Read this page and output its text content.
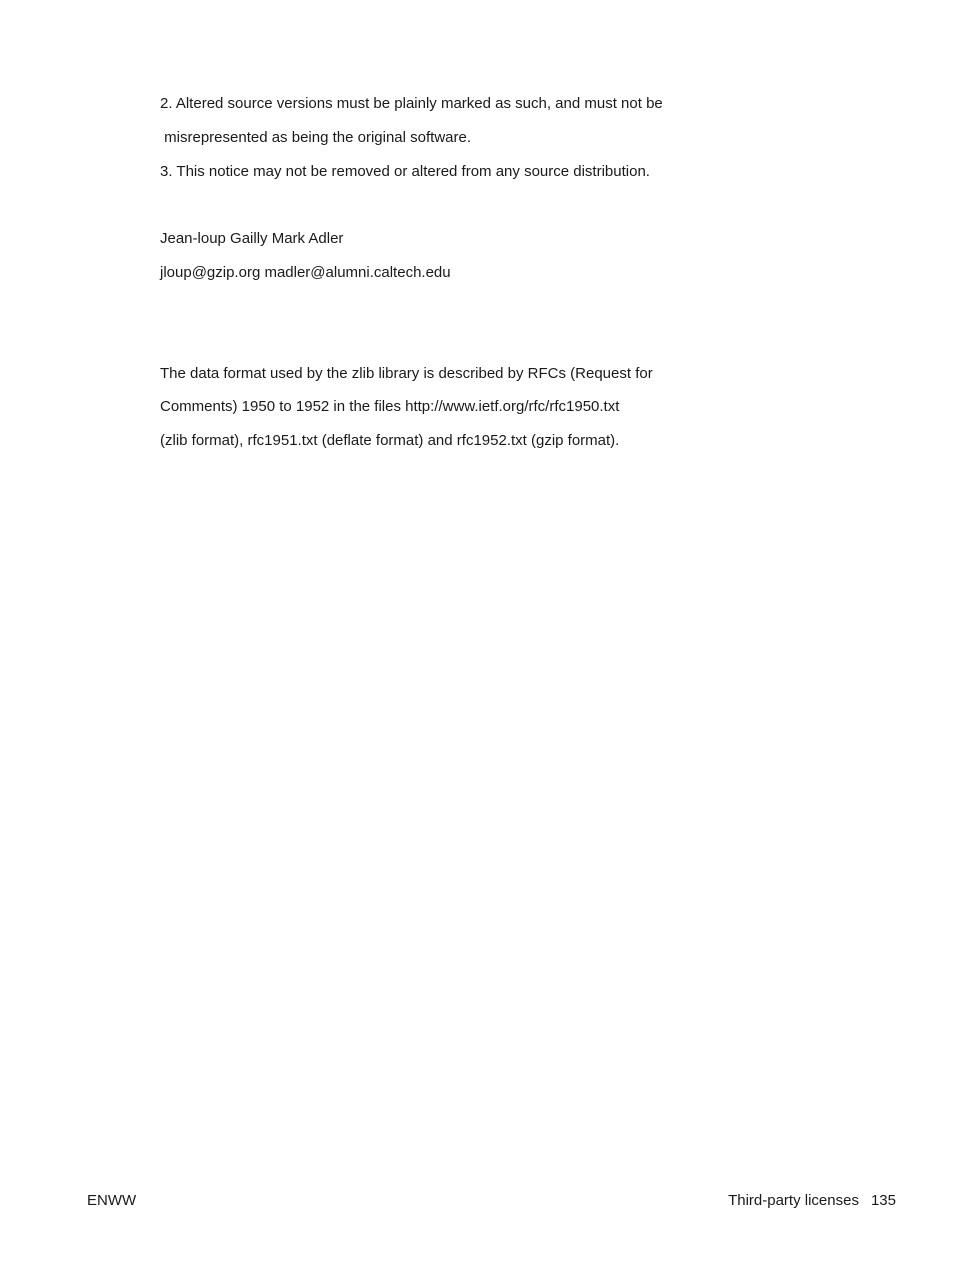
2. Altered source versions must be plainly marked as such, and must not be
misrepresented as being the original software.
3. This notice may not be removed or altered from any source distribution.
Jean-loup Gailly Mark Adler
jloup@gzip.org madler@alumni.caltech.edu
The data format used by the zlib library is described by RFCs (Request for
Comments) 1950 to 1952 in the files http://www.ietf.org/rfc/rfc1950.txt
(zlib format), rfc1951.txt (deflate format) and rfc1952.txt (gzip format).
ENWW	Third-party licenses 135
